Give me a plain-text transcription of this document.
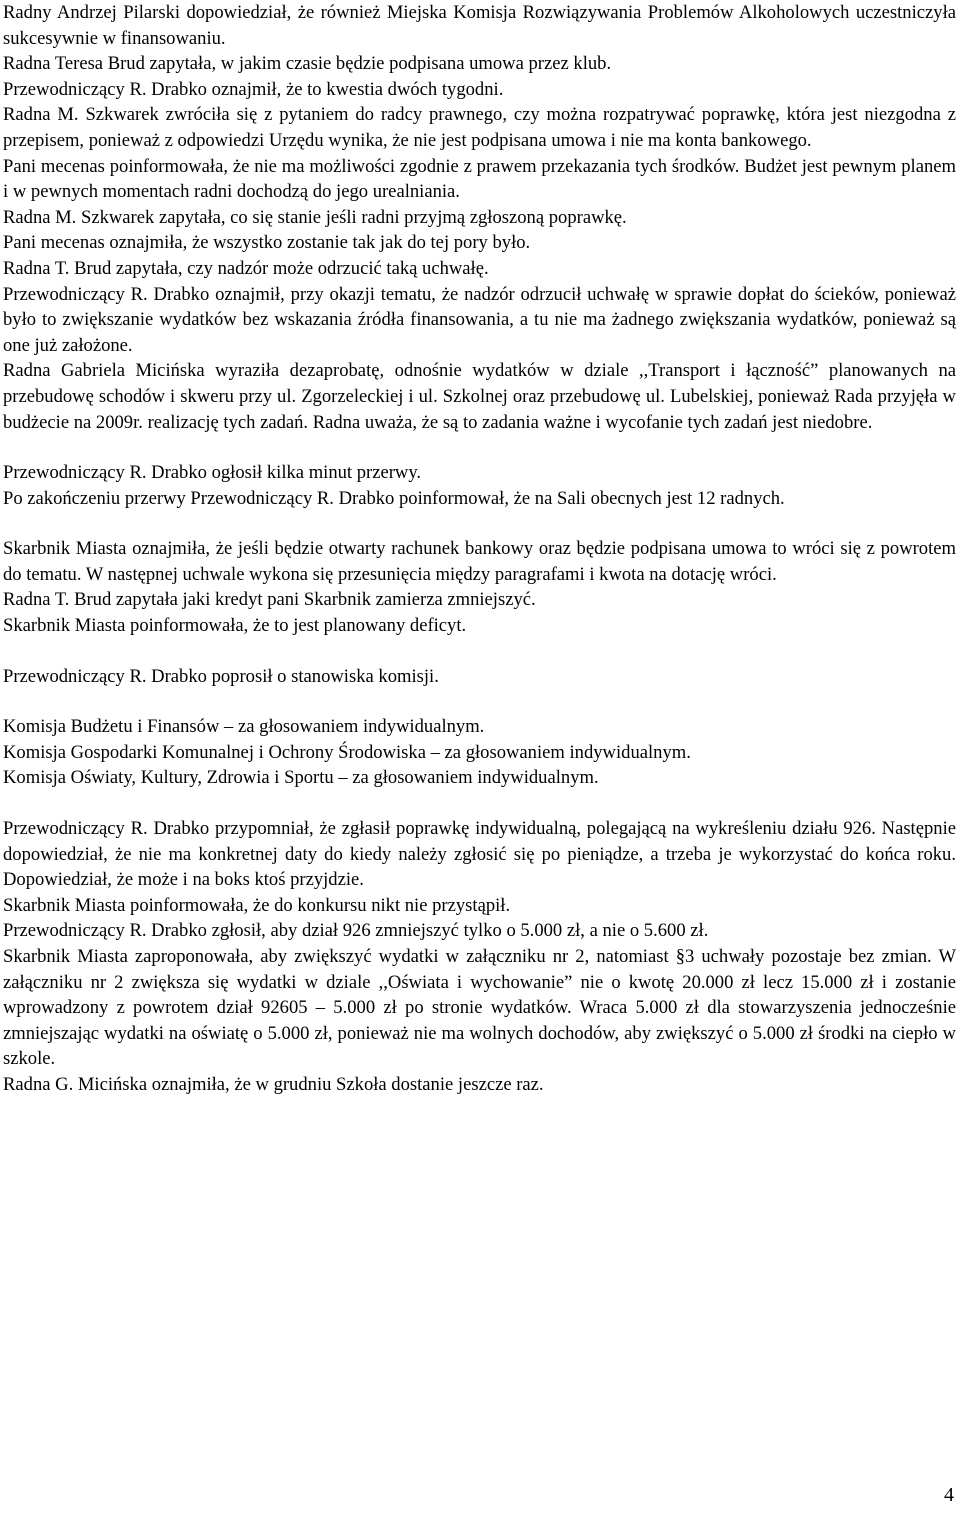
Radny Andrzej Pilarski dopowiedział, że również Miejska Komisja Rozwiązywania Problemów Alkoholowych uczestniczyła sukcesywnie w finansowaniu.

Radna Teresa Brud zapytała, w jakim czasie będzie podpisana umowa przez klub.

Przewodniczący R. Drabko oznajmił, że to kwestia dwóch tygodni.

Radna M. Szkwarek zwróciła się z pytaniem do radcy prawnego, czy można rozpatrywać poprawkę, która jest niezgodna z przepisem, ponieważ z odpowiedzi Urzędu wynika, że nie jest podpisana umowa i nie ma konta bankowego.

Pani mecenas poinformowała, że nie ma możliwości zgodnie z prawem przekazania tych środków. Budżet jest pewnym planem i w pewnych momentach radni dochodzą do jego urealniania.

Radna M. Szkwarek zapytała, co się stanie jeśli radni przyjmą zgłoszoną poprawkę.

Pani mecenas oznajmiła, że wszystko zostanie tak jak do tej pory było.

Radna T. Brud zapytała, czy nadzór może odrzucić taką uchwałę.

Przewodniczący R. Drabko oznajmił, przy okazji tematu, że nadzór odrzucił uchwałę w sprawie dopłat do ścieków, ponieważ było to zwiększanie wydatków bez wskazania źródła finansowania, a tu nie ma żadnego zwiększania wydatków, ponieważ są one już założone.

Radna Gabriela Micińska wyraziła dezaprobatę, odnośnie wydatków w dziale ,,Transport i łączność” planowanych na przebudowę schodów i skweru przy ul. Zgorzeleckiej i ul. Szkolnej oraz przebudowę ul. Lubelskiej, ponieważ Rada przyjęła w budżecie na 2009r. realizację tych zadań. Radna uważa, że są to zadania ważne i wycofanie tych zadań jest niedobre.

Przewodniczący R. Drabko ogłosił kilka minut przerwy.

Po zakończeniu przerwy Przewodniczący R. Drabko poinformował, że na Sali obecnych jest 12 radnych.

Skarbnik Miasta oznajmiła, że jeśli będzie otwarty rachunek bankowy oraz będzie podpisana umowa to wróci się z powrotem do tematu. W następnej uchwale wykona się przesunięcia między paragrafami i kwota na dotację wróci.

Radna T. Brud zapytała jaki kredyt pani Skarbnik zamierza zmniejszyć.

Skarbnik Miasta poinformowała, że to jest planowany deficyt.

Przewodniczący R. Drabko poprosił o stanowiska komisji.

Komisja Budżetu i Finansów – za głosowaniem indywidualnym.

Komisja Gospodarki Komunalnej i Ochrony Środowiska – za głosowaniem indywidualnym.

Komisja Oświaty, Kultury, Zdrowia i Sportu – za głosowaniem indywidualnym.

Przewodniczący R. Drabko przypomniał, że zgłasił poprawkę indywidualną, polegającą na wykreśleniu działu 926. Następnie dopowiedział, że nie ma konkretnej daty do kiedy należy zgłosić się po pieniądze, a trzeba je wykorzystać do końca roku. Dopowiedział, że może i na boks ktoś przyjdzie.

Skarbnik Miasta poinformowała, że do konkursu nikt nie przystąpił.

Przewodniczący R. Drabko zgłosił, aby dział 926 zmniejszyć tylko o 5.000 zł, a nie o 5.600 zł.

Skarbnik Miasta zaproponowała, aby zwiększyć wydatki w załączniku nr 2, natomiast §3 uchwały pozostaje bez zmian. W załączniku nr 2 zwiększa się wydatki w dziale ,,Oświata i wychowanie” nie o kwotę 20.000 zł lecz 15.000 zł i zostanie wprowadzony z powrotem dział 92605 – 5.000 zł po stronie wydatków. Wraca 5.000 zł dla stowarzyszenia jednocześnie zmniejszając wydatki na oświatę o 5.000 zł, ponieważ nie ma wolnych dochodów, aby zwiększyć o 5.000 zł środki na ciepło w szkole.

Radna G. Micińska oznajmiła, że w grudniu Szkoła dostanie jeszcze raz.

4
